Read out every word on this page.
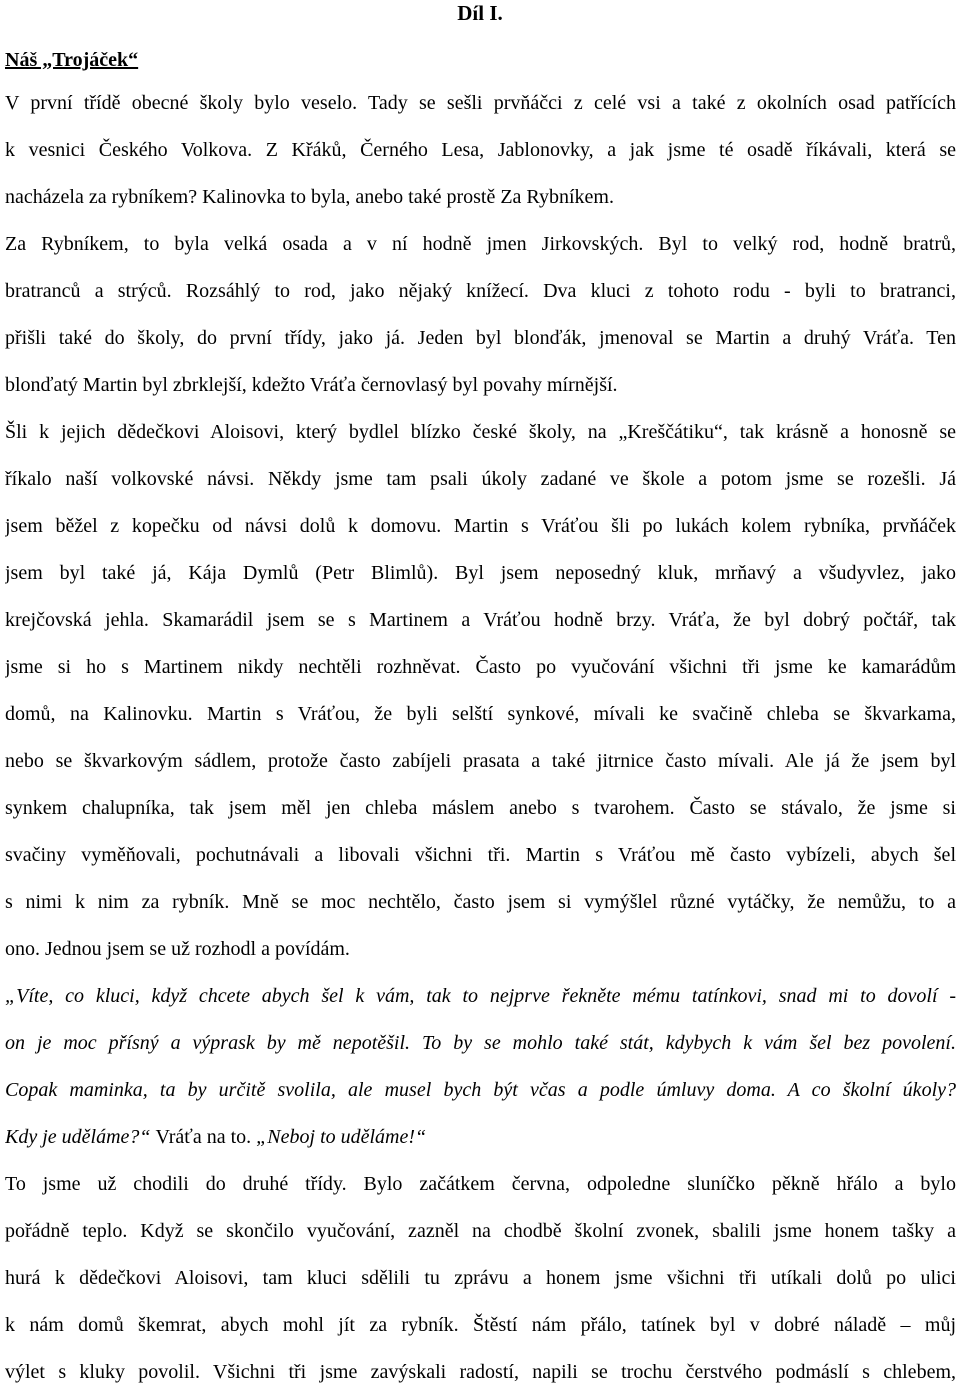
Díl I.
Náš „Trojáček“
V první třídě obecné školy bylo veselo. Tady se sešli prvňáčci z celé vsi a také z okolních osad patřících
k vesnici Českého Volkova. Z Křáků, Černého Lesa, Jablonovky, a jak jsme té osadě říkávali, která se
nacházela za rybníkem? Kalinovka to byla, anebo také prostě Za Rybníkem.
Za Rybníkem, to byla velká osada a v ní hodně jmen Jirkovských. Byl to velký rod, hodně bratrů,
bratranců a strýců. Rozsáhlý to rod, jako nějaký knížecí. Dva kluci z tohoto rodu - byli to bratranci,
přišli také do školy, do první třídy, jako já. Jeden byl blonďák, jmenoval se Martin a druhý Vráťa. Ten
blonďatý Martin byl zbrklejší, kdežto Vráťa černovlasý byl povahy mírnější.
Šli k jejich dědečkovi Aloisovi, který bydlel blízko české školy, na „Kreščátiku“, tak krásně a honosně se
říkalo naší volkovské návsi. Někdy jsme tam psali úkoly zadané ve škole a potom jsme se rozešli. Já
jsem běžel z kopečku od návsi dolů k domovu. Martin s Vráťou šli po lukách kolem rybníka, prvňáček
jsem byl také já, Kája Dymlů (Petr Blimlů). Byl jsem neposedný kluk, mrňavý a všudyvlez, jako
krejčovská jehla. Skamarádil jsem se s Martinem a Vráťou hodně brzy. Vráťa, že byl dobrý počtář, tak
jsme si ho s Martinem nikdy nechtěli rozhněvat. Často po vyučování všichni tři jsme ke kamarádům
domů, na Kalinovku. Martin s Vráťou, že byli selští synkové, mívali ke svačině chleba se škvarkama,
nebo se škvarkovým sádlem, protože často zabíjeli prasata a také jitrnice často mívali. Ale já že jsem byl
synkem chalupníka, tak jsem měl jen chleba máslem anebo s tvarohem. Často se stávalo, že jsme si
svačiny vyměňovali, pochutnávali a libovali všichni tři. Martin s Vráťou mě často vybízeli, abych šel
s nimi k nim za rybník. Mně se moc nechtělo, často jsem si vymýšlel různé vytáčky, že nemůžu, to a
ono. Jednou jsem se už rozhodl a povídám.
„Víte, co kluci, když chcete abych šel k vám, tak to nejprve řekněte mému tatínkovi, snad mi to dovolí -
on je moc přísný a výprask by mě nepotěšil. To by se mohlo také stát, kdybych k vám šel bez povolení.
Copak maminka, ta by určitě svolila, ale musel bych být včas a podle úmluvy doma. A co školní úkoly?
Kdy je uděláme?“ Vráťa na to. „Neboj to uděláme!“
To jsme už chodili do druhé třídy. Bylo začátkem června, odpoledne sluníčko pěkně hřálo a bylo
pořádně teplo. Když se skončilo vyučování, zazněl na chodbě školní zvonek, sbalili jsme honem tašky a
hurá k dědečkovi Aloisovi, tam kluci sdělili tu zprávu a honem jsme všichni tři utíkali dolů po ulici
k nám domů škemrat, abych mohl jít za rybník. Štěstí nám přálo, tatínek byl v dobré náladě – můj
výlet s kluky povolil. Všichni tři jsme zavýskali radostí, napili se trochu čerstvého podmáslí s chlebem,
